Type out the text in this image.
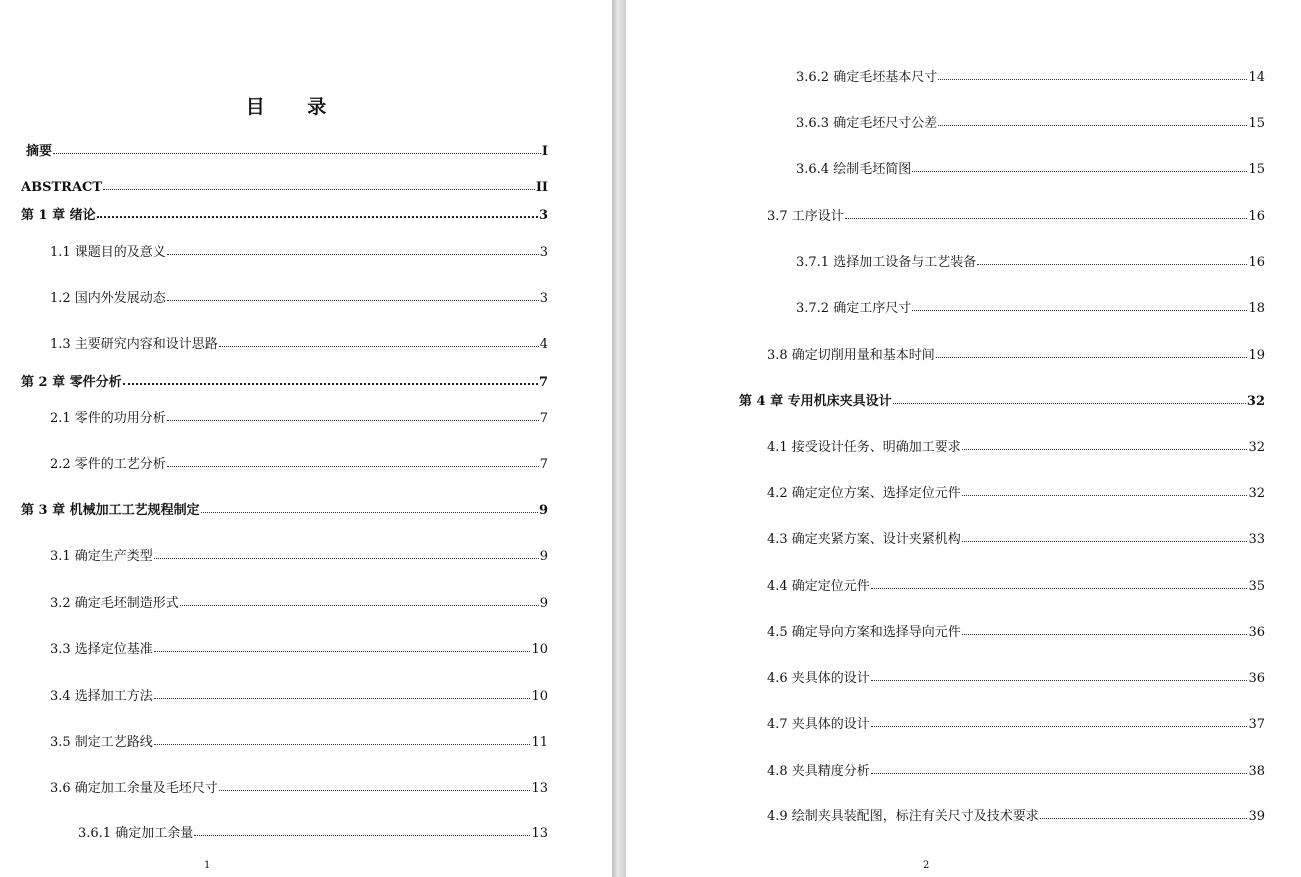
目 录
摘要	I
ABSTRACT	II
第 1 章 绪论	3
1.1 课题目的及意义	3
1.2 国内外发展动态	3
1.3 主要研究内容和设计思路	4
第 2 章 零件分析	7
2.1 零件的功用分析	7
2.2 零件的工艺分析	7
第 3 章 机械加工工艺规程制定	9
3.1 确定生产类型	9
3.2 确定毛坯制造形式	9
3.3 选择定位基准	10
3.4 选择加工方法	10
3.5 制定工艺路线	11
3.6 确定加工余量及毛坯尺寸	13
3.6.1 确定加工余量	13
1
3.6.2 确定毛坯基本尺寸	14
3.6.3 确定毛坯尺寸公差	15
3.6.4 绘制毛坯简图	15
3.7 工序设计	16
3.7.1 选择加工设备与工艺装备	16
3.7.2 确定工序尺寸	18
3.8 确定切削用量和基本时间	19
第 4 章 专用机床夹具设计	32
4.1 接受设计任务、明确加工要求	32
4.2 确定定位方案、选择定位元件	32
4.3 确定夹紧方案、设计夹紧机构	33
4.4 确定定位元件	35
4.5 确定导向方案和选择导向元件	36
4.6 夹具体的设计	36
4.7 夹具体的设计	37
4.8 夹具精度分析	38
4.9 绘制夹具装配图，标注有关尺寸及技术要求	39
2
